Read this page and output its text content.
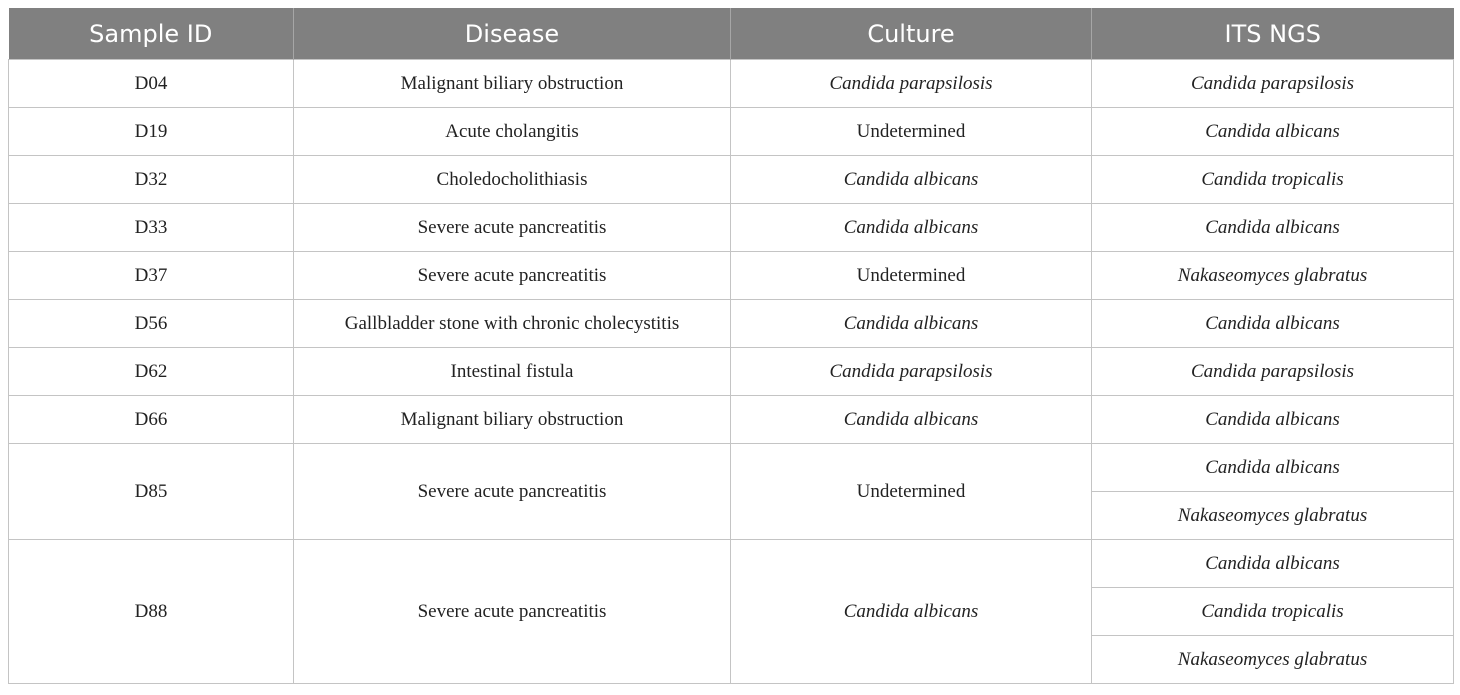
Sample ID	Disease	Culture	ITS NGS
D04	Malignant biliary obstruction	Candida parapsilosis	Candida parapsilosis
D19	Acute cholangitis	Undetermined	Candida albicans
D32	Choledocholithiasis	Candida albicans	Candida tropicalis
D33	Severe acute pancreatitis	Candida albicans	Candida albicans
D37	Severe acute pancreatitis	Undetermined	Nakaseomyces glabratus
D56	Gallbladder stone with chronic cholecystitis	Candida albicans	Candida albicans
D62	Intestinal fistula	Candida parapsilosis	Candida parapsilosis
D66	Malignant biliary obstruction	Candida albicans	Candida albicans
D85	Severe acute pancreatitis	Undetermined	Candida albicans
			Nakaseomyces glabratus
D88	Severe acute pancreatitis	Candida albicans	Candida albicans
			Candida tropicalis
			Nakaseomyces glabratus
